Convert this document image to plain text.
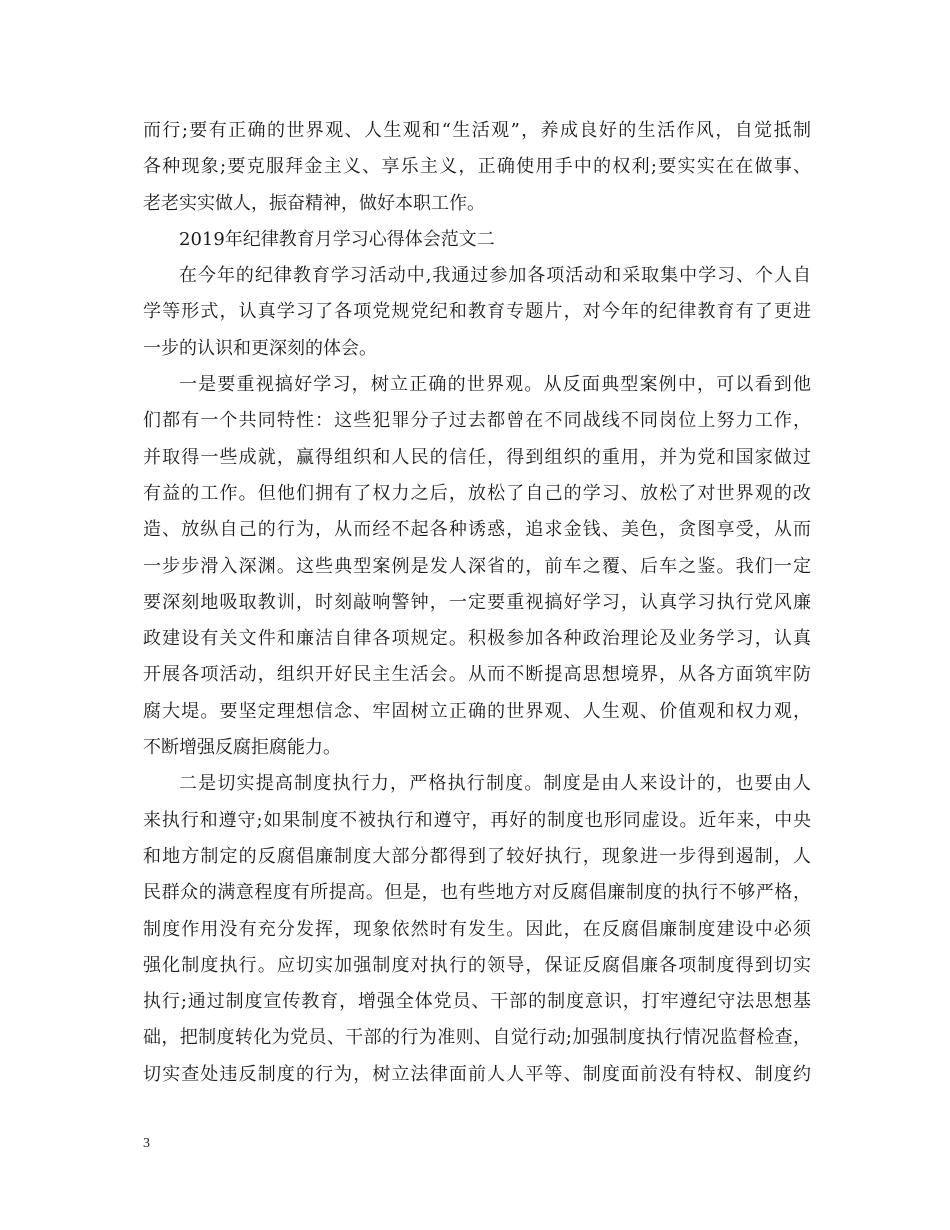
而行;要有正确的世界观、人生观和“生活观”，养成良好的生活作风，自觉抵制
各种现象;要克服拜金主义、享乐主义，正确使用手中的权利;要实实在在做事、
老老实实做人，振奋精神，做好本职工作。
2019年纪律教育月学习心得体会范文二
在今年的纪律教育学习活动中,我通过参加各项活动和采取集中学习、个人自
学等形式，认真学习了各项党规党纪和教育专题片，对今年的纪律教育有了更进
一步的认识和更深刻的体会。
一是要重视搞好学习，树立正确的世界观。从反面典型案例中，可以看到他
们都有一个共同特性：这些犯罪分子过去都曾在不同战线不同岗位上努力工作，
并取得一些成就，赢得组织和人民的信任，得到组织的重用，并为党和国家做过
有益的工作。但他们拥有了权力之后，放松了自己的学习、放松了对世界观的改
造、放纵自己的行为，从而经不起各种诱惑，追求金钱、美色，贪图享受，从而
一步步滑入深渊。这些典型案例是发人深省的，前车之覆、后车之鉴。我们一定
要深刻地吸取教训，时刻敲响警钟，一定要重视搞好学习，认真学习执行党风廉
政建设有关文件和廉洁自律各项规定。积极参加各种政治理论及业务学习，认真
开展各项活动，组织开好民主生活会。从而不断提高思想境界，从各方面筑牢防
腐大堤。要坚定理想信念、牢固树立正确的世界观、人生观、价值观和权力观，
不断增强反腐拒腐能力。
二是切实提高制度执行力，严格执行制度。制度是由人来设计的，也要由人
来执行和遵守;如果制度不被执行和遵守，再好的制度也形同虚设。近年来，中央
和地方制定的反腐倡廉制度大部分都得到了较好执行，现象进一步得到遏制，人
民群众的满意程度有所提高。但是，也有些地方对反腐倡廉制度的执行不够严格，
制度作用没有充分发挥，现象依然时有发生。因此，在反腐倡廉制度建设中必须
强化制度执行。应切实加强制度对执行的领导，保证反腐倡廉各项制度得到切实
执行;通过制度宣传教育，增强全体党员、干部的制度意识，打牢遵纪守法思想基
础，把制度转化为党员、干部的行为准则、自觉行动;加强制度执行情况监督检查，
切实查处违反制度的行为，树立法律面前人人平等、制度面前没有特权、制度约
3
